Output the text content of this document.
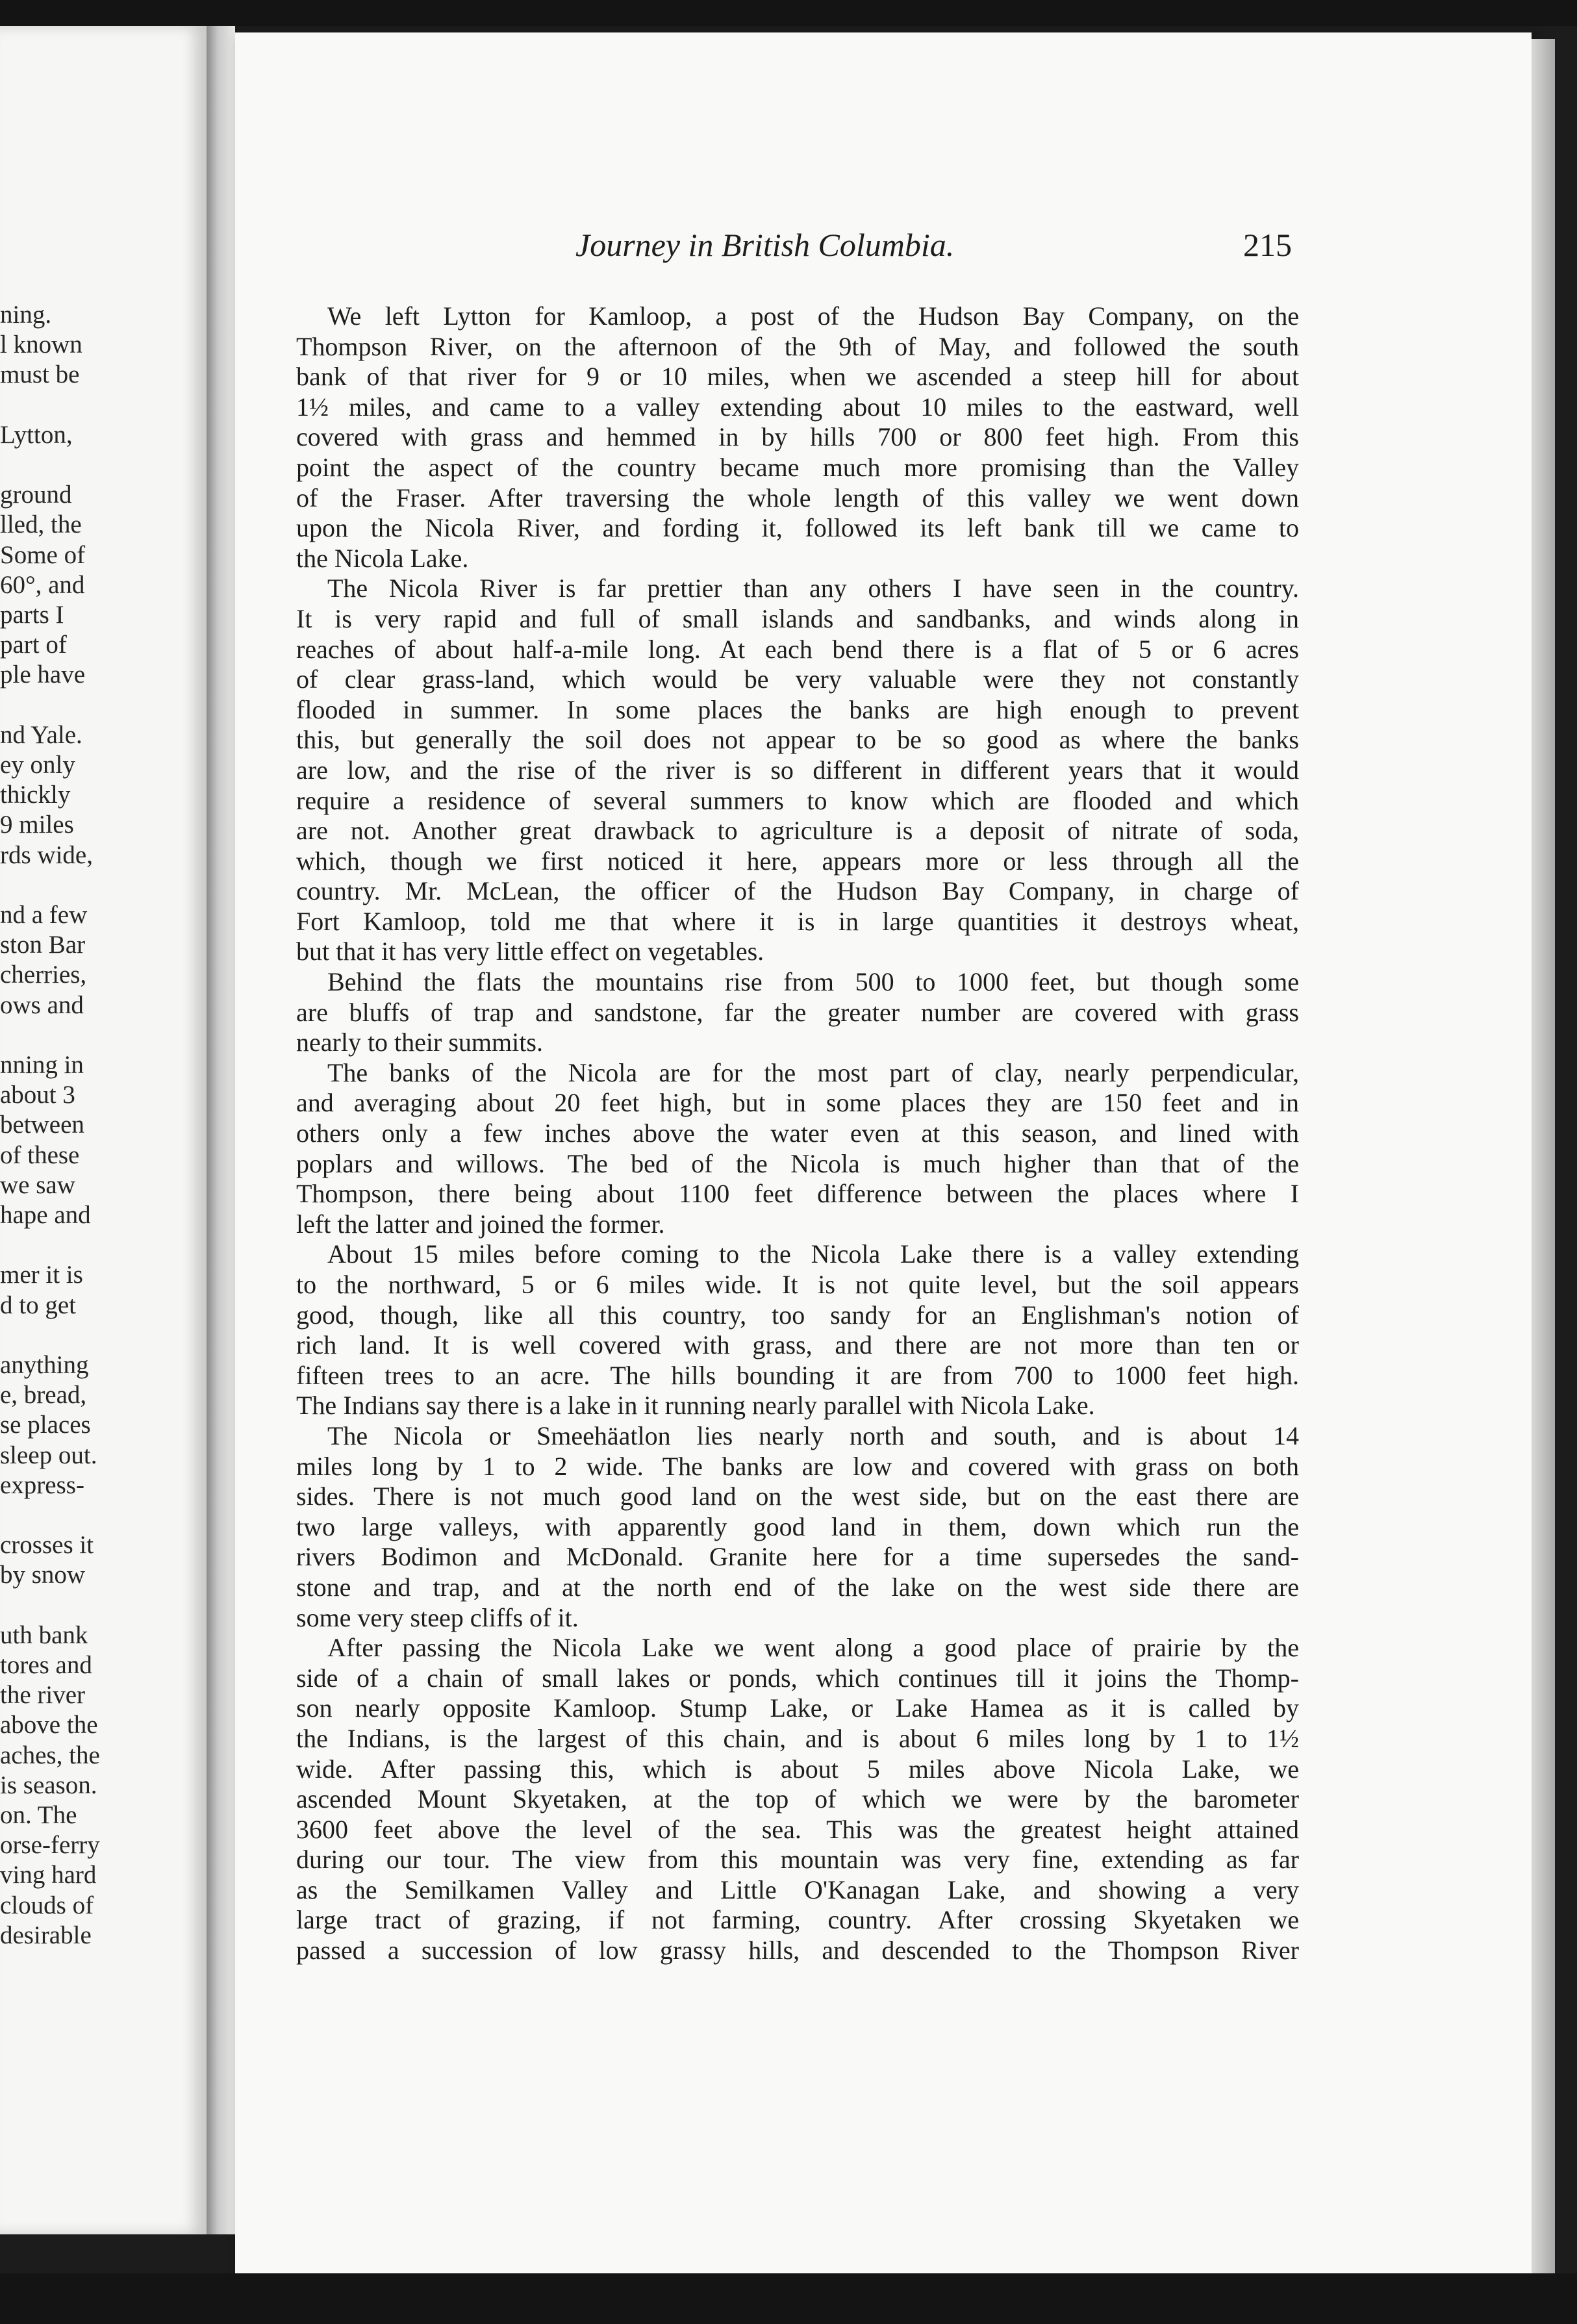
ning.
l known
must be
Lytton,
ground
lled, the
Some of
60°, and
parts I
part of
ple have
nd Yale.
ey only
thickly
9 miles
rds wide,
nd a few
ston Bar
cherries,
ows and
nning in
about 3
between
of these
we saw
hape and
mer it is
d to get
anything
e, bread,
se places
sleep out.
express-
crosses it
by snow
uth bank
tores and
the river
above the
aches, the
is season.
on. The
orse-ferry
ving hard
clouds of
desirable
Journey in British Columbia.	215
We left Lytton for Kamloop, a post of the Hudson Bay Company, on the
Thompson River, on the afternoon of the 9th of May, and followed the south
bank of that river for 9 or 10 miles, when we ascended a steep hill for about
1½ miles, and came to a valley extending about 10 miles to the eastward, well
covered with grass and hemmed in by hills 700 or 800 feet high. From this
point the aspect of the country became much more promising than the Valley
of the Fraser. After traversing the whole length of this valley we went down
upon the Nicola River, and fording it, followed its left bank till we came to
the Nicola Lake.
The Nicola River is far prettier than any others I have seen in the country.
It is very rapid and full of small islands and sandbanks, and winds along in
reaches of about half-a-mile long. At each bend there is a flat of 5 or 6 acres
of clear grass-land, which would be very valuable were they not constantly
flooded in summer. In some places the banks are high enough to prevent
this, but generally the soil does not appear to be so good as where the banks
are low, and the rise of the river is so different in different years that it would
require a residence of several summers to know which are flooded and which
are not. Another great drawback to agriculture is a deposit of nitrate of soda,
which, though we first noticed it here, appears more or less through all the
country. Mr. McLean, the officer of the Hudson Bay Company, in charge of
Fort Kamloop, told me that where it is in large quantities it destroys wheat,
but that it has very little effect on vegetables.
Behind the flats the mountains rise from 500 to 1000 feet, but though some
are bluffs of trap and sandstone, far the greater number are covered with grass
nearly to their summits.
The banks of the Nicola are for the most part of clay, nearly perpendicular,
and averaging about 20 feet high, but in some places they are 150 feet and in
others only a few inches above the water even at this season, and lined with
poplars and willows. The bed of the Nicola is much higher than that of the
Thompson, there being about 1100 feet difference between the places where I
left the latter and joined the former.
About 15 miles before coming to the Nicola Lake there is a valley extending
to the northward, 5 or 6 miles wide. It is not quite level, but the soil appears
good, though, like all this country, too sandy for an Englishman's notion of
rich land. It is well covered with grass, and there are not more than ten or
fifteen trees to an acre. The hills bounding it are from 700 to 1000 feet high.
The Indians say there is a lake in it running nearly parallel with Nicola Lake.
The Nicola or Smeehäatlon lies nearly north and south, and is about 14
miles long by 1 to 2 wide. The banks are low and covered with grass on both
sides. There is not much good land on the west side, but on the east there are
two large valleys, with apparently good land in them, down which run the
rivers Bodimon and McDonald. Granite here for a time supersedes the sand-
stone and trap, and at the north end of the lake on the west side there are
some very steep cliffs of it.
After passing the Nicola Lake we went along a good place of prairie by the
side of a chain of small lakes or ponds, which continues till it joins the Thomp-
son nearly opposite Kamloop. Stump Lake, or Lake Hamea as it is called by
the Indians, is the largest of this chain, and is about 6 miles long by 1 to 1½
wide. After passing this, which is about 5 miles above Nicola Lake, we
ascended Mount Skyetaken, at the top of which we were by the barometer
3600 feet above the level of the sea. This was the greatest height attained
during our tour. The view from this mountain was very fine, extending as far
as the Semilkamen Valley and Little O'Kanagan Lake, and showing a very
large tract of grazing, if not farming, country. After crossing Skyetaken we
passed a succession of low grassy hills, and descended to the Thompson River
